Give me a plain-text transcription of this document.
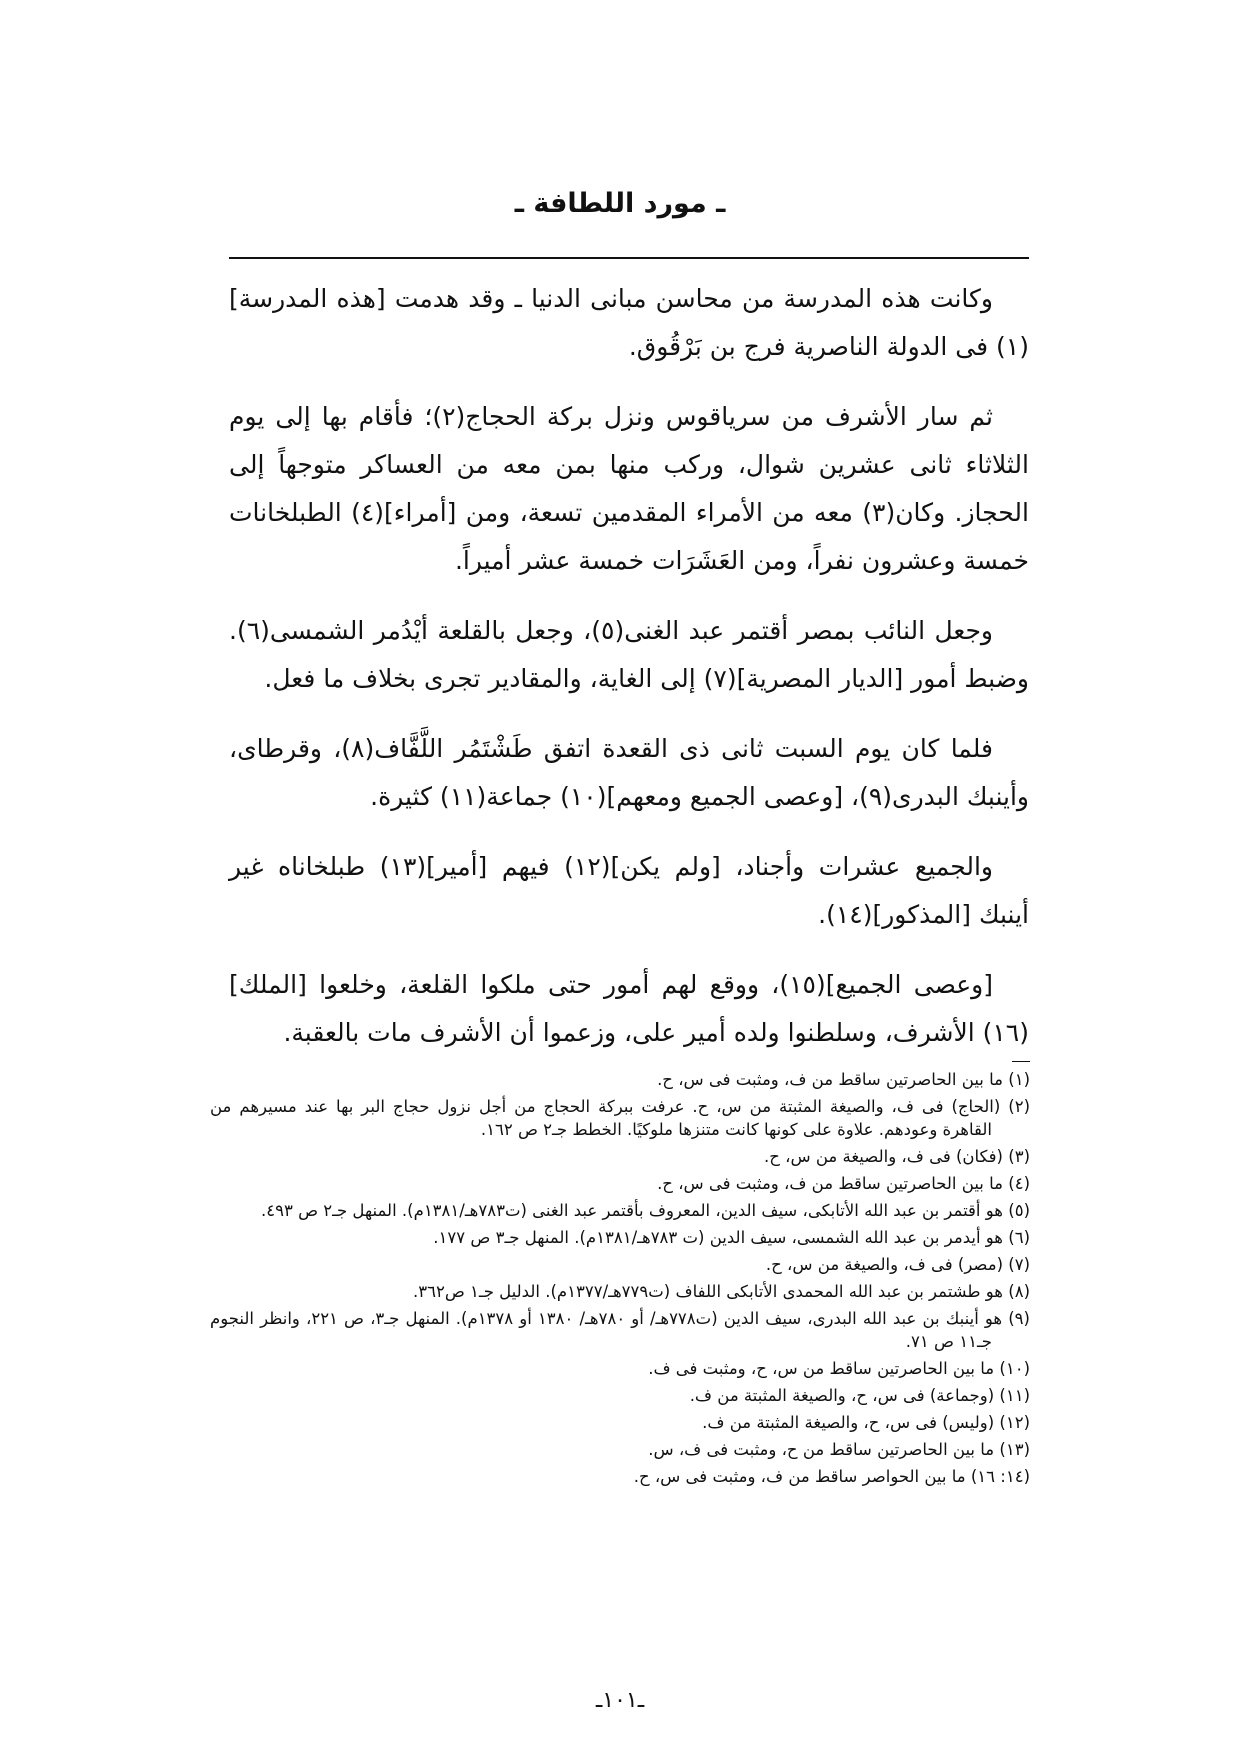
ـ مورد اللطافة ـ

وكانت هذه المدرسة من محاسن مبانى الدنيا ـ وقد هدمت [هذه المدرسة](١) فى الدولة الناصرية فرج بن بَرْقُوق.

ثم سار الأشرف من سرياقوس ونزل بركة الحجاج(٢)؛ فأقام بها إلى يوم الثلاثاء ثانى عشرين شوال، وركب منها بمن معه من العساكر متوجهاً إلى الحجاز. وكان(٣) معه من الأمراء المقدمين تسعة، ومن [أمراء](٤) الطبلخانات خمسة وعشرون نفراً، ومن العَشَرَات خمسة عشر أميراً.

وجعل النائب بمصر أقتمر عبد الغنى(٥)، وجعل بالقلعة أيْدُمر الشمسى(٦). وضبط أمور [الديار المصرية](٧) إلى الغاية، والمقادير تجرى بخلاف ما فعل.

فلما كان يوم السبت ثانى ذى القعدة اتفق طَشْتَمُر اللَّفَّاف(٨)، وقرطاى، وأينبك البدرى(٩)، [وعصى الجميع ومعهم](١٠) جماعة(١١) كثيرة.

والجميع عشرات وأجناد، [ولم يكن](١٢) فيهم [أمير](١٣) طبلخاناه غير أينبك [المذكور](١٤).

[وعصى الجميع](١٥)، ووقع لهم أمور حتى ملكوا القلعة، وخلعوا [الملك](١٦) الأشرف، وسلطنوا ولده أمير على، وزعموا أن الأشرف مات بالعقبة.

(١) ما بين الحاصرتين ساقط من ف، ومثبت فى س، ح.
(٢) (الحاج) فى ف، والصيغة المثبتة من س، ح. عرفت ببركة الحجاج من أجل نزول حجاج البر بها عند مسيرهم من القاهرة وعودهم. علاوة على كونها كانت متنزها ملوكيًا. الخطط جـ٢ ص ١٦٢.
(٣) (فكان) فى ف، والصيغة من س، ح.
(٤) ما بين الحاصرتين ساقط من ف، ومثبت فى س، ح.
(٥) هو أقتمر بن عبد الله الأتابكى، سيف الدين، المعروف بأقتمر عبد الغنى (ت٧٨٣هـ/١٣٨١م). المنهل جـ٢ ص ٤٩٣.
(٦) هو أيدمر بن عبد الله الشمسى، سيف الدين (ت ٧٨٣هـ/١٣٨١م). المنهل جـ٣ ص ١٧٧.
(٧) (مصر) فى ف، والصيغة من س، ح.
(٨) هو طشتمر بن عبد الله المحمدى الأتابكى اللفاف (ت٧٧٩هـ/١٣٧٧م). الدليل جـ١ ص٣٦٢.
(٩) هو أينبك بن عبد الله البدرى، سيف الدين (ت٧٧٨هـ/ أو ٧٨٠هـ/ ١٣٨٠ أو ١٣٧٨م). المنهل جـ٣، ص ٢٢١، وانظر النجوم جـ١١ ص ٧١.
(١٠) ما بين الحاصرتين ساقط من س، ح، ومثبت فى ف.
(١١) (وجماعة) فى س، ح، والصيغة المثبتة من ف.
(١٢) (وليس) فى س، ح، والصيغة المثبتة من ف.
(١٣) ما بين الحاصرتين ساقط من ح، ومثبت فى ف، س.
(١٤: ١٦) ما بين الحواصر ساقط من ف، ومثبت فى س، ح.
ـ١٠١ـ
